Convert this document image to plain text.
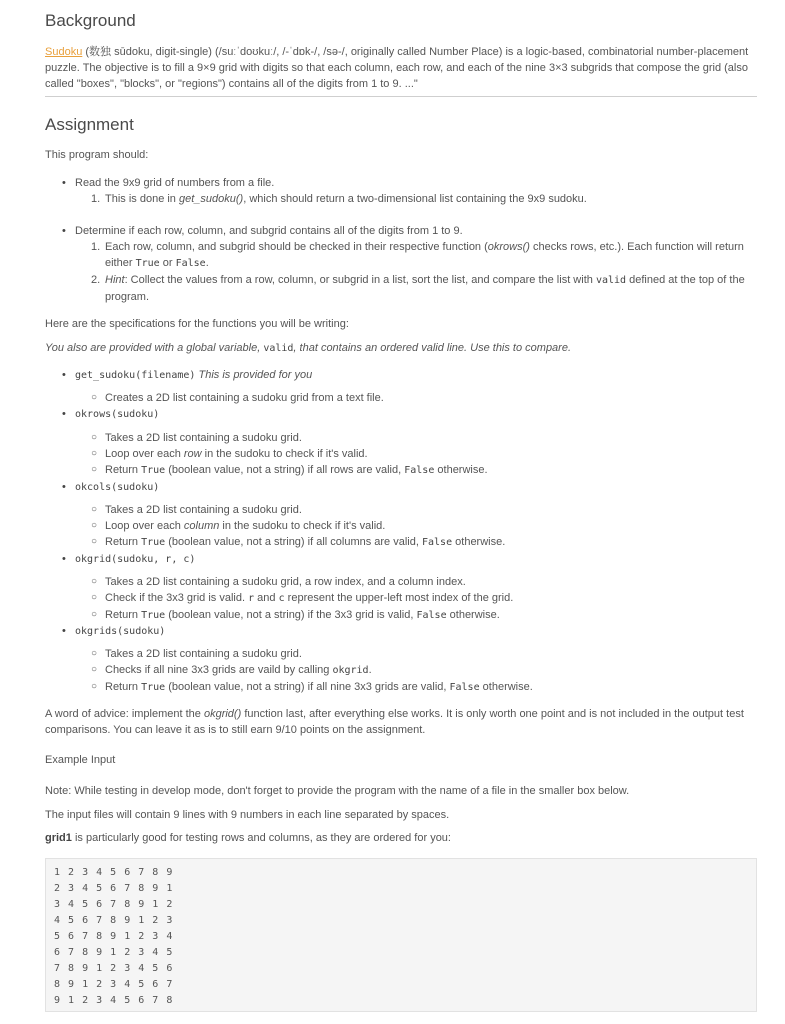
Background
Sudoku (数独 sūdoku, digit-single) (/suːˈdoʊkuː/, /-ˈdɒk-/, /sə-/, originally called Number Place) is a logic-based, combinatorial number-placement puzzle. The objective is to fill a 9×9 grid with digits so that each column, each row, and each of the nine 3×3 subgrids that compose the grid (also called "boxes", "blocks", or "regions") contains all of the digits from 1 to 9. ..."
Assignment
This program should:
• Read the 9x9 grid of numbers from a file.
1. This is done in get_sudoku(), which should return a two-dimensional list containing the 9x9 sudoku.
• Determine if each row, column, and subgrid contains all of the digits from 1 to 9.
1. Each row, column, and subgrid should be checked in their respective function (okrows() checks rows, etc.). Each function will return either True or False.
2. Hint: Collect the values from a row, column, or subgrid in a list, sort the list, and compare the list with valid defined at the top of the program.
Here are the specifications for the functions you will be writing:
You also are provided with a global variable, valid, that contains an ordered valid line. Use this to compare.
• get_sudoku(filename) This is provided for you
○ Creates a 2D list containing a sudoku grid from a text file.
• okrows(sudoku)
○ Takes a 2D list containing a sudoku grid.
○ Loop over each row in the sudoku to check if it's valid.
○ Return True (boolean value, not a string) if all rows are valid, False otherwise.
• okcols(sudoku)
○ Takes a 2D list containing a sudoku grid.
○ Loop over each column in the sudoku to check if it's valid.
○ Return True (boolean value, not a string) if all columns are valid, False otherwise.
• okgrid(sudoku, r, c)
○ Takes a 2D list containing a sudoku grid, a row index, and a column index.
○ Check if the 3x3 grid is valid. r and c represent the upper-left most index of the grid.
○ Return True (boolean value, not a string) if the 3x3 grid is valid, False otherwise.
• okgrids(sudoku)
○ Takes a 2D list containing a sudoku grid.
○ Checks if all nine 3x3 grids are vaild by calling okgrid.
○ Return True (boolean value, not a string) if all nine 3x3 grids are valid, False otherwise.
A word of advice: implement the okgrid() function last, after everything else works. It is only worth one point and is not included in the output test comparisons. You can leave it as is to still earn 9/10 points on the assignment.
Example Input
Note: While testing in develop mode, don't forget to provide the program with the name of a file in the smaller box below.
The input files will contain 9 lines with 9 numbers in each line separated by spaces.
grid1 is particularly good for testing rows and columns, as they are ordered for you:
1 2 3 4 5 6 7 8 9
2 3 4 5 6 7 8 9 1
3 4 5 6 7 8 9 1 2
4 5 6 7 8 9 1 2 3
5 6 7 8 9 1 2 3 4
6 7 8 9 1 2 3 4 5
7 8 9 1 2 3 4 5 6
8 9 1 2 3 4 5 6 7
9 1 2 3 4 5 6 7 8
